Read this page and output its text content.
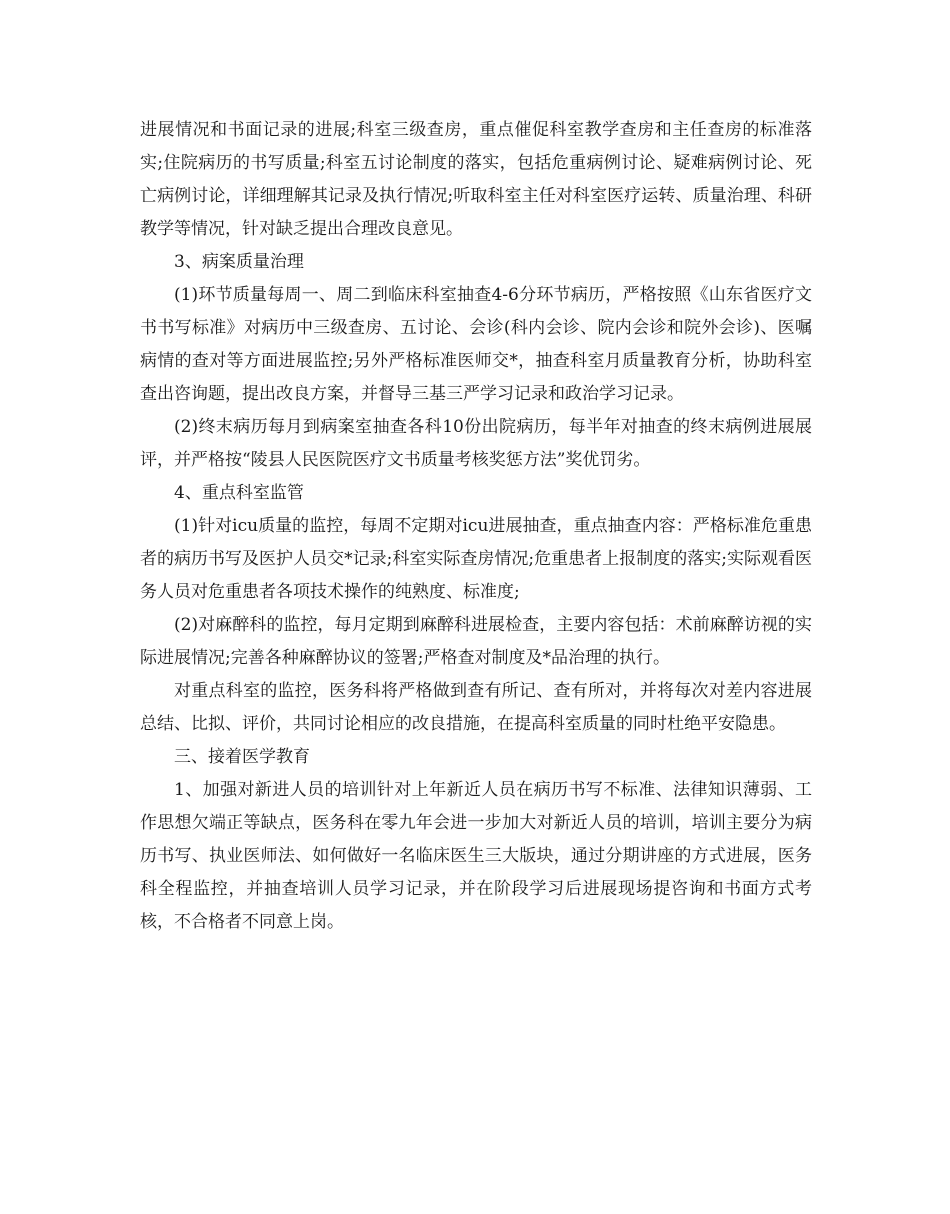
进展情况和书面记录的进展;科室三级查房，重点催促科室教学查房和主任查房的标准落实;住院病历的书写质量;科室五讨论制度的落实，包括危重病例讨论、疑难病例讨论、死亡病例讨论，详细理解其记录及执行情况;听取科室主任对科室医疗运转、质量治理、科研教学等情况，针对缺乏提出合理改良意见。

3、病案质量治理

(1)环节质量每周一、周二到临床科室抽查4-6分环节病历，严格按照《山东省医疗文书书写标准》对病历中三级查房、五讨论、会诊(科内会诊、院内会诊和院外会诊)、医嘱病情的查对等方面进展监控;另外严格标准医师交*，抽查科室月质量教育分析，协助科室查出咨询题，提出改良方案，并督导三基三严学习记录和政治学习记录。

(2)终末病历每月到病案室抽查各科10份出院病历，每半年对抽查的终末病例进展展评，并严格按“陵县人民医院医疗文书质量考核奖惩方法”奖优罚劣。

4、重点科室监管

(1)针对icu质量的监控，每周不定期对icu进展抽查，重点抽查内容：严格标准危重患者的病历书写及医护人员交*记录;科室实际查房情况;危重患者上报制度的落实;实际观看医务人员对危重患者各项技术操作的纯熟度、标准度;

(2)对麻醉科的监控，每月定期到麻醉科进展检查，主要内容包括：术前麻醉访视的实际进展情况;完善各种麻醉协议的签署;严格查对制度及*品治理的执行。

对重点科室的监控，医务科将严格做到查有所记、查有所对，并将每次对差内容进展总结、比拟、评价，共同讨论相应的改良措施，在提高科室质量的同时杜绝平安隐患。

三、接着医学教育

1、加强对新进人员的培训针对上年新近人员在病历书写不标准、法律知识薄弱、工作思想欠端正等缺点，医务科在零九年会进一步加大对新近人员的培训，培训主要分为病历书写、执业医师法、如何做好一名临床医生三大版块，通过分期讲座的方式进展，医务科全程监控，并抽查培训人员学习记录，并在阶段学习后进展现场提咨询和书面方式考核，不合格者不同意上岗。
